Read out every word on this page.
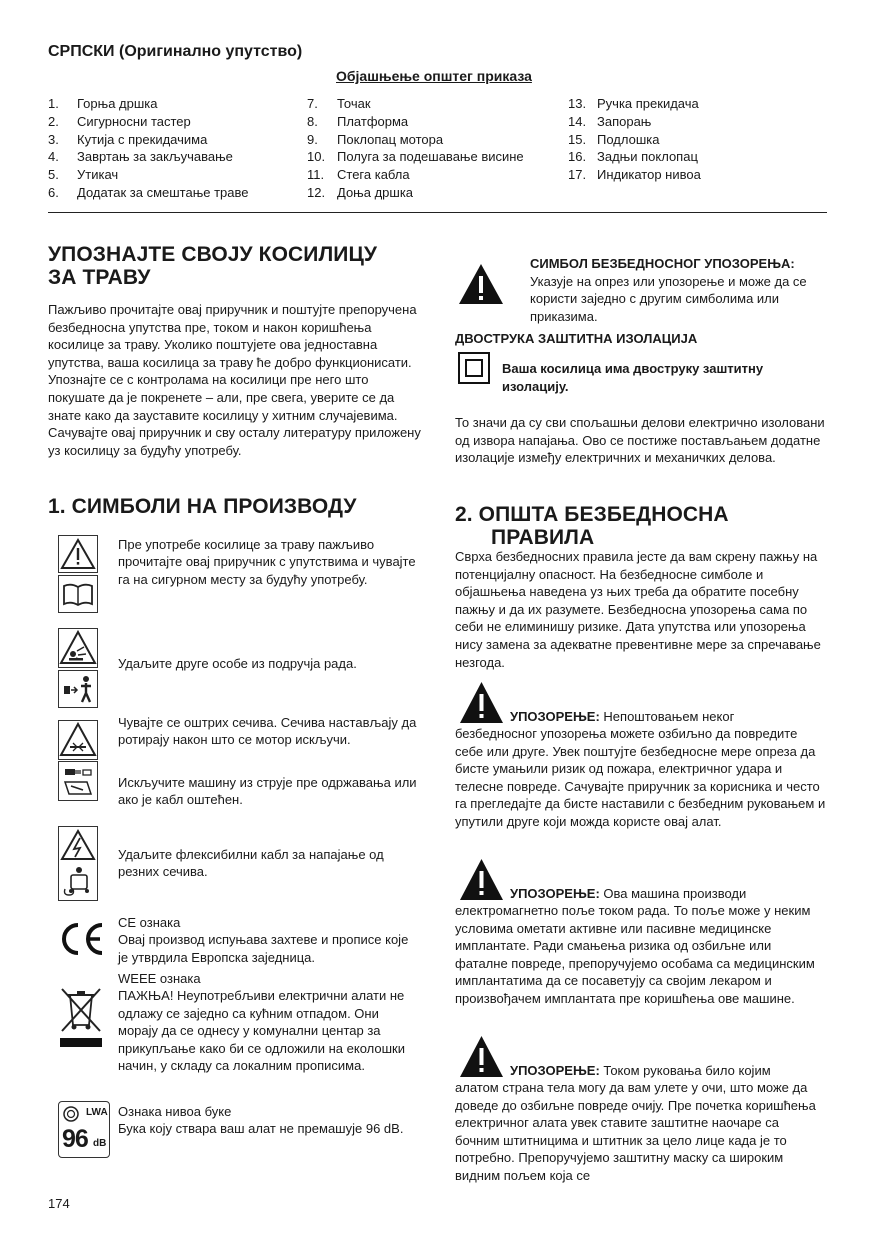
СРПСКИ (Оригинално упутство)
Објашњење општег приказа
1.	Горња дршка
2.	Сигурносни тастер
3.	Кутија с прекидачима
4.	Завртањ за закључавање
5.	Утикач
6.	Додатак за смештање траве
7.	Точак
8.	Платформа
9.	Поклопац мотора
10. Полуга за подешавање висине
11. Стега кабла
12. Доња дршка
13. Ручка прекидача
14. Запорањ
15. Подлошка
16. Задњи поклопац
17. Индикатор нивоа
УПОЗНАЈТЕ СВОЈУ КОСИЛИЦУ
ЗА ТРАВУ
Пажљиво прочитајте овај приручник и поштујте препоручена безбедносна упутства пре, током и након коришћења косилице за траву. Уколико поштујете ова једноставна упутства, ваша косилица за траву ће добро функционисати. Упознајте се с контролама на косилици пре него што покушате да је покренете – али, пре свега, уверите се да знате како да зауставите косилицу у хитним случајевима. Сачувајте овај приручник и сву осталу литературу приложену уз косилицу за будућу употребу.
1. СИМБОЛИ НА ПРОИЗВОДУ
Пре употребе косилице за траву пажљиво прочитајте овај приручник с упутствима и чувајте га на сигурном месту за будућу употребу.
Удаљите друге особе из подручја рада.
Чувајте се оштрих сечива. Сечива настављају да ротирају након што се мотор искључи.
Искључите машину из струје пре одржавања или ако је кабл оштећен.
Удаљите флексибилни кабл за напајање од резних сечива.
CE ознака
Овај производ испуњава захтеве и прописе које је утврдила Европска заједница.
WEEE ознака
ПАЖЊА! Неупотребљиви електрични алати не одлажу се заједно са кућним отпадом. Они морају да се однесу у комунални центар за прикупљање како би се одложили на еколошки начин, у складу са локалним прописима.
LWA
96 dB
Ознака нивоа буке
Бука коју ствара ваш алат не премашује 96 dB.
174
СИМБОЛ БЕЗБЕДНОСНОГ УПОЗОРЕЊА: Указује на опрез или упозорење и може да се користи заједно с другим симболима или приказима.
ДВОСТРУКА ЗАШТИТНА ИЗОЛАЦИЈА
Ваша косилица има двоструку заштитну изолацију.
То значи да су сви спољашњи делови електрично изоловани од извора напајања. Ово се постиже постављањем додатне изолације између електричних и механичких делова.
2. ОПШТА БЕЗБЕДНОСНА
ПРАВИЛА
Сврха безбедносних правила јесте да вам скрену пажњу на потенцијалну опасност. На безбедносне симболе и објашњења наведена уз њих треба да обратите посебну пажњу и да их разумете. Безбедносна упозорења сама по себи не елиминишу ризике. Дата упутства или упозорења нису замена за адекватне превентивне мере за спречавање незгода.
УПОЗОРЕЊЕ: Непоштовањем неког
безбедносног упозорења можете озбиљно да повредите себе или друге. Увек поштујте безбедносне мере опреза да бисте умањили ризик од пожара, електричног удара и телесне повреде. Сачувајте приручник за корисника и често га прегледајте да бисте наставили с безбедним руковањем и упутили друге који можда користе овај алат.
УПОЗОРЕЊЕ: Ова машина производи
електромагнетно поље током рада. То поље може у неким условима ометати активне или пасивне медицинске имплантате. Ради смањења ризика од озбиљне или фаталне повреде, препоручујемо особама са медицинским имплантатима да се посаветују са својим лекаром и произвођачем имплантата пре коришћења ове машине.
УПОЗОРЕЊЕ: Током руковања било којим
алатом страна тела могу да вам улете у очи, што може да доведе до озбиљне повреде очију. Пре почетка коришћења електричног алата увек ставите заштитне наочаре са бочним штитницима и штитник за цело лице када је то потребно. Препоручујемо заштитну маску са широким видним пољем која се
